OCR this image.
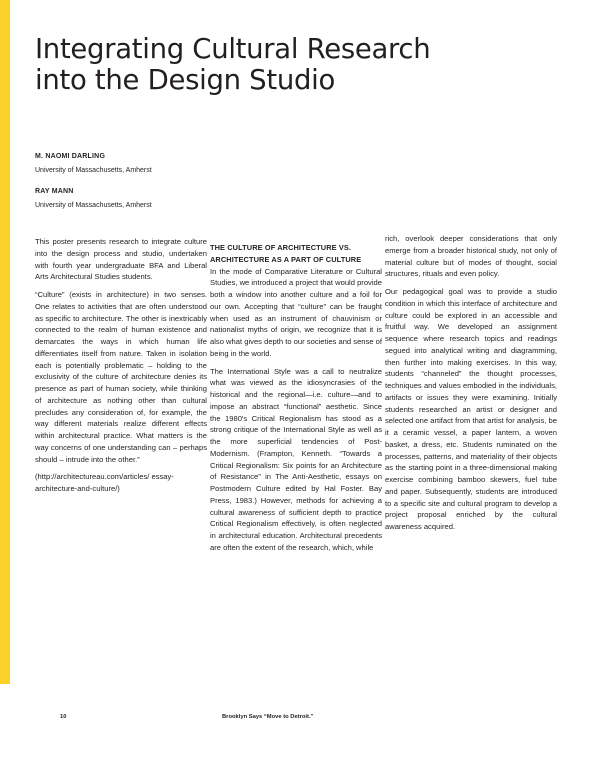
Integrating Cultural Research
into the Design Studio
M. NAOMI DARLING
University of Massachusetts, Amherst
RAY MANN
University of Massachusetts, Amherst

This poster presents research to integrate culture into the design process and studio, undertaken with fourth year undergraduate BFA and Liberal Arts Architectural Studies students.

“Culture” (exists in architecture) in two senses. One relates to activities that are often understood as specific to architecture. The other is inextricably connected to the realm of human existence and demarcates the ways in which human life differentiates itself from nature. Taken in isolation each is potentially problematic – holding to the exclusivity of the culture of architecture denies its presence as part of human society, while thinking of architecture as nothing other than cultural precludes any consideration of, for example, the way different materials realize different effects within architectural practice. What matters is the way concerns of one understanding can – perhaps should – intrude into the other.”

(http://architectureau.com/articles/ essay-architecture-and-culture/)

THE CULTURE OF ARCHITECTURE VS. ARCHITECTURE AS A PART OF CULTURE

In the mode of Comparative Literature or Cultural Studies, we introduced a project that would provide both a window into another culture and a foil for our own. Accepting that “culture” can be fraught when used as an instrument of chauvinism or nationalist myths of origin, we recognize that it is also what gives depth to our societies and sense of being in the world.

The International Style was a call to neutralize what was viewed as the idiosyncrasies of the historical and the regional—i.e. culture—and to impose an abstract “functional” aesthetic. Since the 1980's Critical Regionalism has stood as a strong critique of the International Style as well as the more superficial tendencies of Post-Modernism. (Frampton, Kenneth. “Towards a Critical Regionalism: Six points for an Architecture of Resistance” in The Anti-Aesthetic, essays on Postmodern Culture edited by Hal Foster. Bay Press, 1983.) However, methods for achieving a cultural awareness of sufficient depth to practice Critical Regionalism effectively, is often neglected in architectural education. Architectural precedents are often the extent of the research, which, while

rich, overlook deeper considerations that only emerge from a broader historical study, not only of material culture but of modes of thought, social structures, rituals and even policy.

Our pedagogical goal was to provide a studio condition in which this interface of architecture and culture could be explored in an accessible and fruitful way. We developed an assignment sequence where research topics and readings segued into analytical writing and diagramming, then further into making exercises. In this way, students “channeled” the thought processes, techniques and values embodied in the individuals, artifacts or issues they were examining. Initially students researched an artist or designer and selected one artifact from that artist for analysis, be it a ceramic vessel, a paper lantern, a woven basket, a dress, etc. Students ruminated on the processes, patterns, and materiality of their objects as the starting point in a three-dimensional making exercise combining bamboo skewers, fuel tube and paper. Subsequently, students are introduced to a specific site and cultural program to develop a project proposal enriched by the cultural awareness acquired.

10	Brooklyn Says “Move to Detroit.”
